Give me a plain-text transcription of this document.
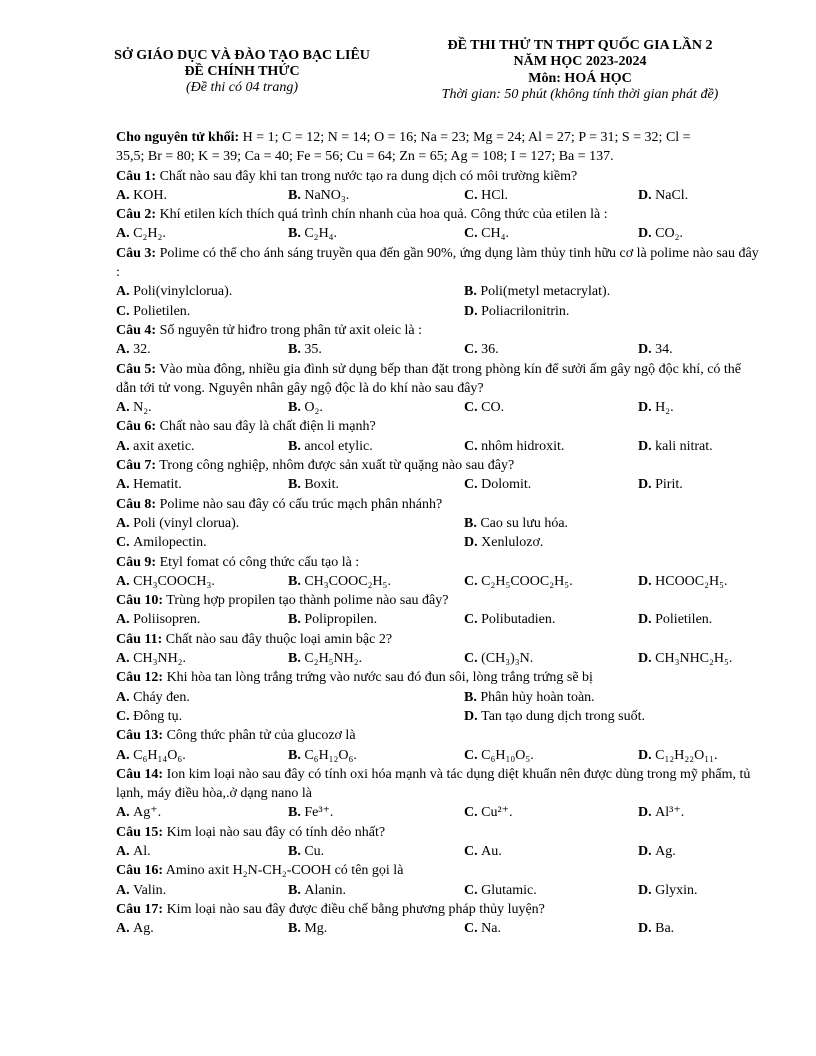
SỞ GIÁO DỤC VÀ ĐÀO TẠO BẠC LIÊU
ĐỀ CHÍNH THỨC
(Đề thi có 04 trang)
ĐỀ THI THỬ TN THPT QUỐC GIA LẦN 2
NĂM HỌC 2023-2024
Môn: HOÁ HỌC
Thời gian: 50 phút (không tính thời gian phát đề)

Cho nguyên tử khối: H = 1; C = 12; N = 14; O = 16; Na = 23; Mg = 24; Al = 27; P = 31; S = 32; Cl =
35,5; Br = 80; K = 39; Ca = 40; Fe = 56; Cu = 64; Zn = 65; Ag = 108; I = 127; Ba = 137.

Câu 1: Chất nào sau đây khi tan trong nước tạo ra dung dịch có môi trường kiềm?

A. KOH.	B. NaNO₃.	C. HCl.	D. NaCl.

Câu 2: Khí etilen kích thích quá trình chín nhanh của hoa quả. Công thức của etilen là :

A. C₂H₂.	B. C₂H₄.	C. CH₄.	D. CO₂.

Câu 3: Polime có thể cho ánh sáng truyền qua đến gần 90%, ứng dụng làm thủy tinh hữu cơ là polime nào sau đây :

A. Poli(vinylclorua).	B. Poli(metyl metacrylat).
C. Polietilen.	D. Poliacrilonitrin.

Câu 4: Số nguyên tử hiđro trong phân tử axit oleic là :

A. 32.	B. 35.	C. 36.	D. 34.

Câu 5: Vào mùa đông, nhiều gia đình sử dụng bếp than đặt trong phòng kín để sưởi ấm gây ngộ độc khí, có thể dẫn tới tử vong. Nguyên nhân gây ngộ độc là do khí nào sau đây?

A. N₂.	B. O₂.	C. CO.	D. H₂.

Câu 6: Chất nào sau đây là chất điện li mạnh?

A. axit axetic.	B. ancol etylic.	C. nhôm hidroxit.	D. kali nitrat.

Câu 7: Trong công nghiệp, nhôm được sản xuất từ quặng nào sau đây?

A. Hematit.	B. Boxit.	C. Dolomit.	D. Pirit.

Câu 8: Polime nào sau đây có cấu trúc mạch phân nhánh?

A. Poli (vinyl clorua).	B. Cao su lưu hóa.
C. Amilopectin.	D. Xenlulozơ.

Câu 9: Etyl fomat có công thức cấu tạo là :

A. CH₃COOCH₃.	B. CH₃COOC₂H₅.	C. C₂H₅COOC₂H₅.	D. HCOOC₂H₅.

Câu 10: Trùng hợp propilen tạo thành polime nào sau đây?

A. Poliisopren.	B. Polipropilen.	C. Polibutadien.	D. Polietilen.

Câu 11: Chất nào sau đây thuộc loại amin bậc 2?

A. CH₃NH₂.	B. C₂H₅NH₂.	C. (CH₃)₃N.	D. CH₃NHC₂H₅.

Câu 12: Khi hòa tan lòng trắng trứng vào nước sau đó đun sôi, lòng trắng trứng sẽ bị

A. Cháy đen.	B. Phân hủy hoàn toàn.
C. Đông tụ.	D. Tan tạo dung dịch trong suốt.

Câu 13: Công thức phân tử của glucozơ là

A. C₆H₁₄O₆.	B. C₆H₁₂O₆.	C. C₆H₁₀O₅.	D. C₁₂H₂₂O₁₁.

Câu 14: Ion kim loại nào sau đây có tính oxi hóa mạnh và tác dụng diệt khuẩn nên được dùng trong mỹ phẩm, tủ lạnh, máy điều hòa,.ở dạng nano là

A. Ag⁺.	B. Fe³⁺.	C. Cu²⁺.	D. Al³⁺.

Câu 15: Kim loại nào sau đây có tính dẻo nhất?

A. Al.	B. Cu.	C. Au.	D. Ag.

Câu 16: Amino axit H₂N-CH₂-COOH có tên gọi là

A. Valin.	B. Alanin.	C. Glutamic.	D. Glyxin.

Câu 17: Kim loại nào sau đây được điều chế bằng phương pháp thủy luyện?

A. Ag.	B. Mg.	C. Na.	D. Ba.
